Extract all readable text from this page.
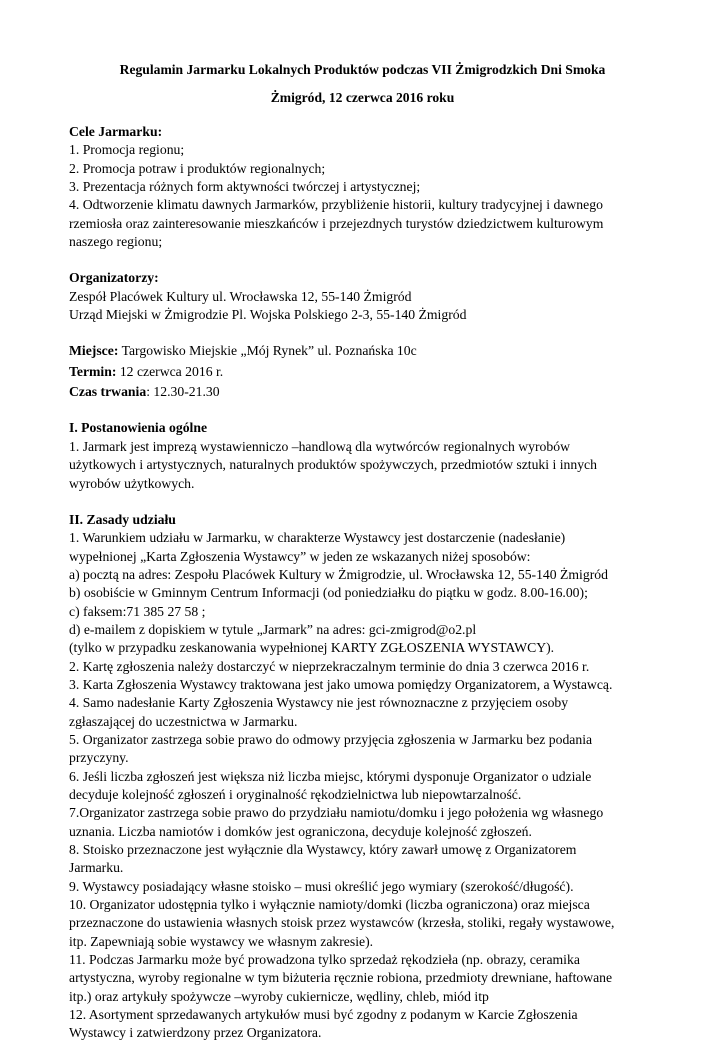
Regulamin Jarmarku Lokalnych Produktów podczas VII Żmigrodzkich Dni Smoka
Żmigród, 12 czerwca 2016 roku
Cele Jarmarku:
1. Promocja regionu;
2. Promocja potraw i produktów regionalnych;
3. Prezentacja różnych form aktywności twórczej i artystycznej;
4. Odtworzenie klimatu dawnych Jarmarków, przybliżenie historii, kultury tradycyjnej i dawnego
rzemiosła oraz zainteresowanie mieszkańców i przejezdnych turystów dziedzictwem kulturowym
naszego regionu;
Organizatorzy:
Zespół Placówek Kultury ul. Wrocławska 12, 55-140 Żmigród
Urząd Miejski w Żmigrodzie Pl. Wojska Polskiego 2-3, 55-140 Żmigród
Miejsce: Targowisko Miejskie „Mój Rynek” ul. Poznańska 10c
Termin: 12 czerwca 2016 r.
Czas trwania: 12.30-21.30
I. Postanowienia ogólne
1. Jarmark jest imprezą wystawienniczo –handlową dla wytwórców regionalnych wyrobów
użytkowych i artystycznych, naturalnych produktów spożywczych, przedmiotów sztuki i innych
wyrobów użytkowych.
II. Zasady udziału
1. Warunkiem udziału w Jarmarku, w charakterze Wystawcy jest dostarczenie (nadesłanie)
wypełnionej „Karta Zgłoszenia Wystawcy” w jeden ze wskazanych niżej sposobów:
a) pocztą na adres: Zespołu Placówek Kultury w Żmigrodzie, ul. Wrocławska 12, 55-140 Żmigród
b) osobiście w Gminnym Centrum Informacji (od poniedziałku do piątku w godz. 8.00-16.00);
c) faksem:71 385 27 58 ;
d) e-mailem z dopiskiem w tytule „Jarmark” na adres: gci-zmigrod@o2.pl
(tylko w przypadku zeskanowania wypełnionej KARTY ZGŁOSZENIA WYSTAWCY).
2. Kartę zgłoszenia należy dostarczyć w nieprzekraczalnym terminie do dnia 3 czerwca 2016 r.
3. Karta Zgłoszenia Wystawcy traktowana jest jako umowa pomiędzy Organizatorem, a Wystawcą.
4. Samo nadesłanie Karty Zgłoszenia Wystawcy nie jest równoznaczne z przyjęciem osoby
zgłaszającej do uczestnictwa w Jarmarku.
5. Organizator zastrzega sobie prawo do odmowy przyjęcia zgłoszenia w Jarmarku bez podania
przyczyny.
6. Jeśli liczba zgłoszeń jest większa niż liczba miejsc, którymi dysponuje Organizator o udziale
decyduje kolejność zgłoszeń i oryginalność rękodzielnictwa lub niepowtarzalność.
7.Organizator zastrzega sobie prawo do przydziału namiotu/domku i jego położenia wg własnego
uznania. Liczba namiotów i domków jest ograniczona, decyduje kolejność zgłoszeń.
8. Stoisko przeznaczone jest wyłącznie dla Wystawcy, który zawarł umowę z Organizatorem
Jarmarku.
9. Wystawcy posiadający własne stoisko – musi określić jego wymiary (szerokość/długość).
10. Organizator udostępnia tylko i wyłącznie namioty/domki (liczba ograniczona) oraz miejsca
przeznaczone do ustawienia własnych stoisk przez wystawców (krzesła, stoliki, regały wystawowe,
itp. Zapewniają sobie wystawcy we własnym zakresie).
11. Podczas Jarmarku może być prowadzona tylko sprzedaż rękodzieła (np. obrazy, ceramika
artystyczna, wyroby regionalne w tym biżuteria ręcznie robiona, przedmioty drewniane, haftowane
itp.) oraz artykuły spożywcze –wyroby cukiernicze, wędliny, chleb, miód itp
12. Asortyment sprzedawanych artykułów musi być zgodny z podanym w Karcie Zgłoszenia
Wystawcy i zatwierdzony przez Organizatora.
